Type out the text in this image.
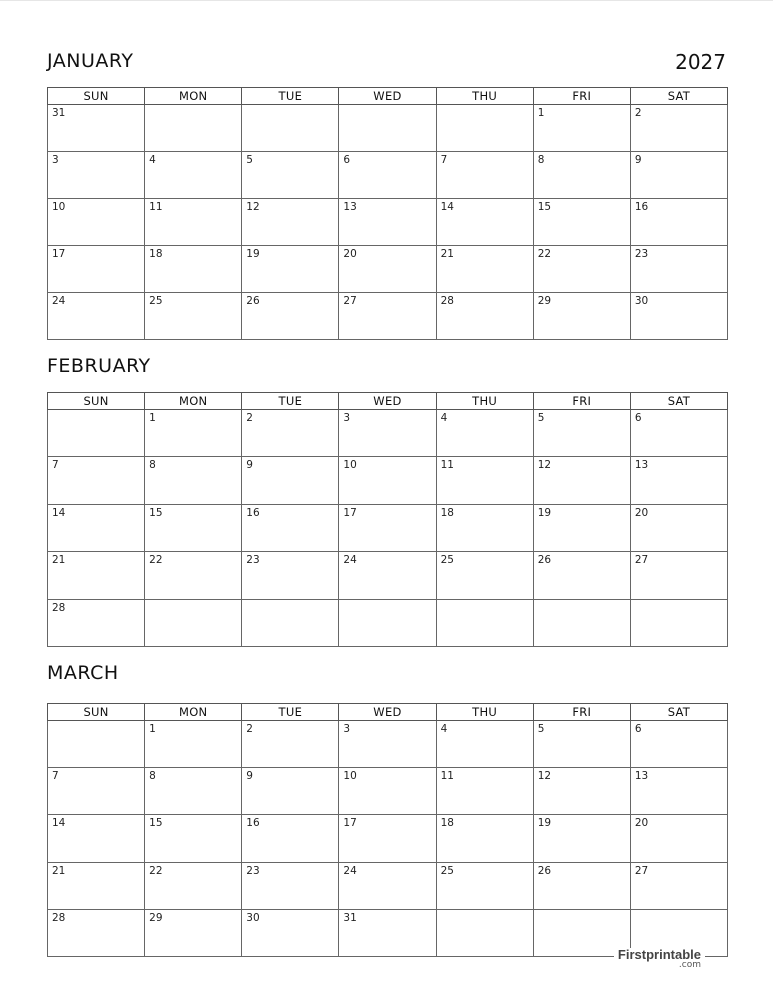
2027
JANUARY
SUN	MON	TUE	WED	THU	FRI	SAT
31					1	2
3	4	5	6	7	8	9
10	11	12	13	14	15	16
17	18	19	20	21	22	23
24	25	26	27	28	29	30
FEBRUARY
SUN	MON	TUE	WED	THU	FRI	SAT
	1	2	3	4	5	6
7	8	9	10	11	12	13
14	15	16	17	18	19	20
21	22	23	24	25	26	27
28						
MARCH
SUN	MON	TUE	WED	THU	FRI	SAT
	1	2	3	4	5	6
7	8	9	10	11	12	13
14	15	16	17	18	19	20
21	22	23	24	25	26	27
28	29	30	31			
Firstprintable
.com
